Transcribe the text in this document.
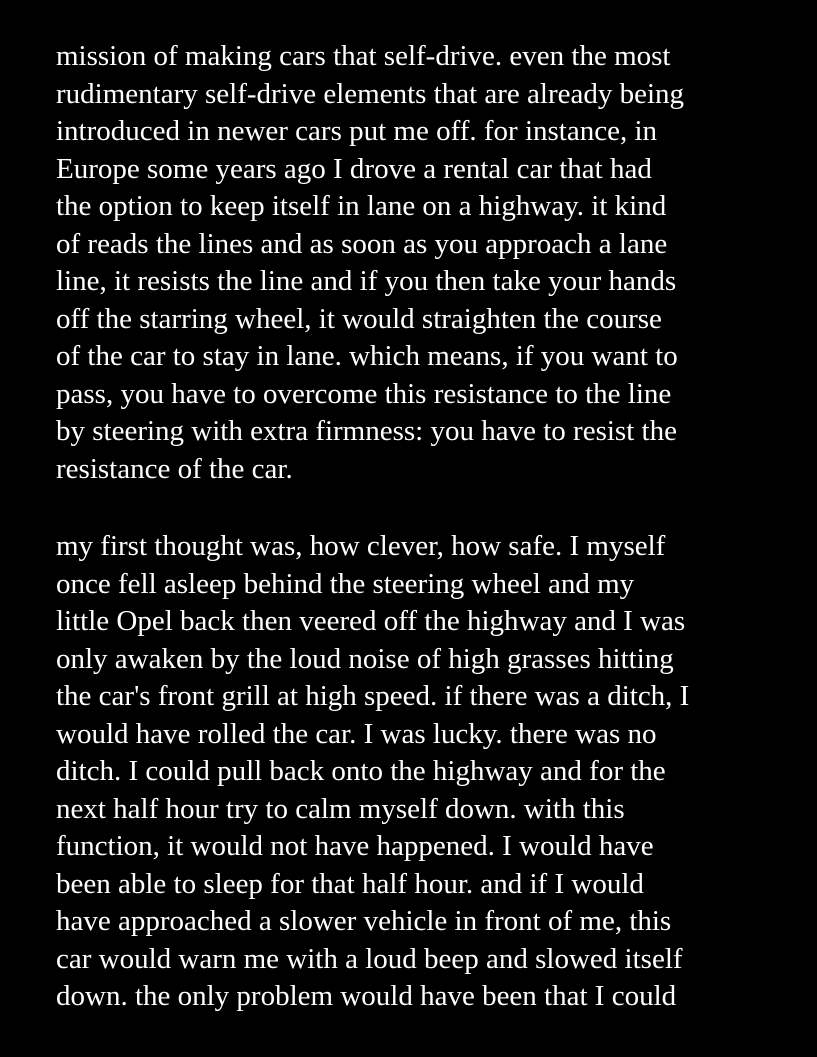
mission of making cars that self-drive. even the most
rudimentary self-drive elements that are already being
introduced in newer cars put me off. for instance, in
Europe some years ago I drove a rental car that had
the option to keep itself in lane on a highway. it kind
of reads the lines and as soon as you approach a lane
line, it resists the line and if you then take your hands
off the starring wheel, it would straighten the course
of the car to stay in lane. which means, if you want to
pass, you have to overcome this resistance to the line
by steering with extra firmness: you have to resist the
resistance of the car.

my first thought was, how clever, how safe. I myself
once fell asleep behind the steering wheel and my
little Opel back then veered off the highway and I was
only awaken by the loud noise of high grasses hitting
the car's front grill at high speed. if there was a ditch, I
would have rolled the car. I was lucky. there was no
ditch. I could pull back onto the highway and for the
next half hour try to calm myself down. with this
function, it would not have happened. I would have
been able to sleep for that half hour. and if I would
have approached a slower vehicle in front of me, this
car would warn me with a loud beep and slowed itself
down. the only problem would have been that I could
